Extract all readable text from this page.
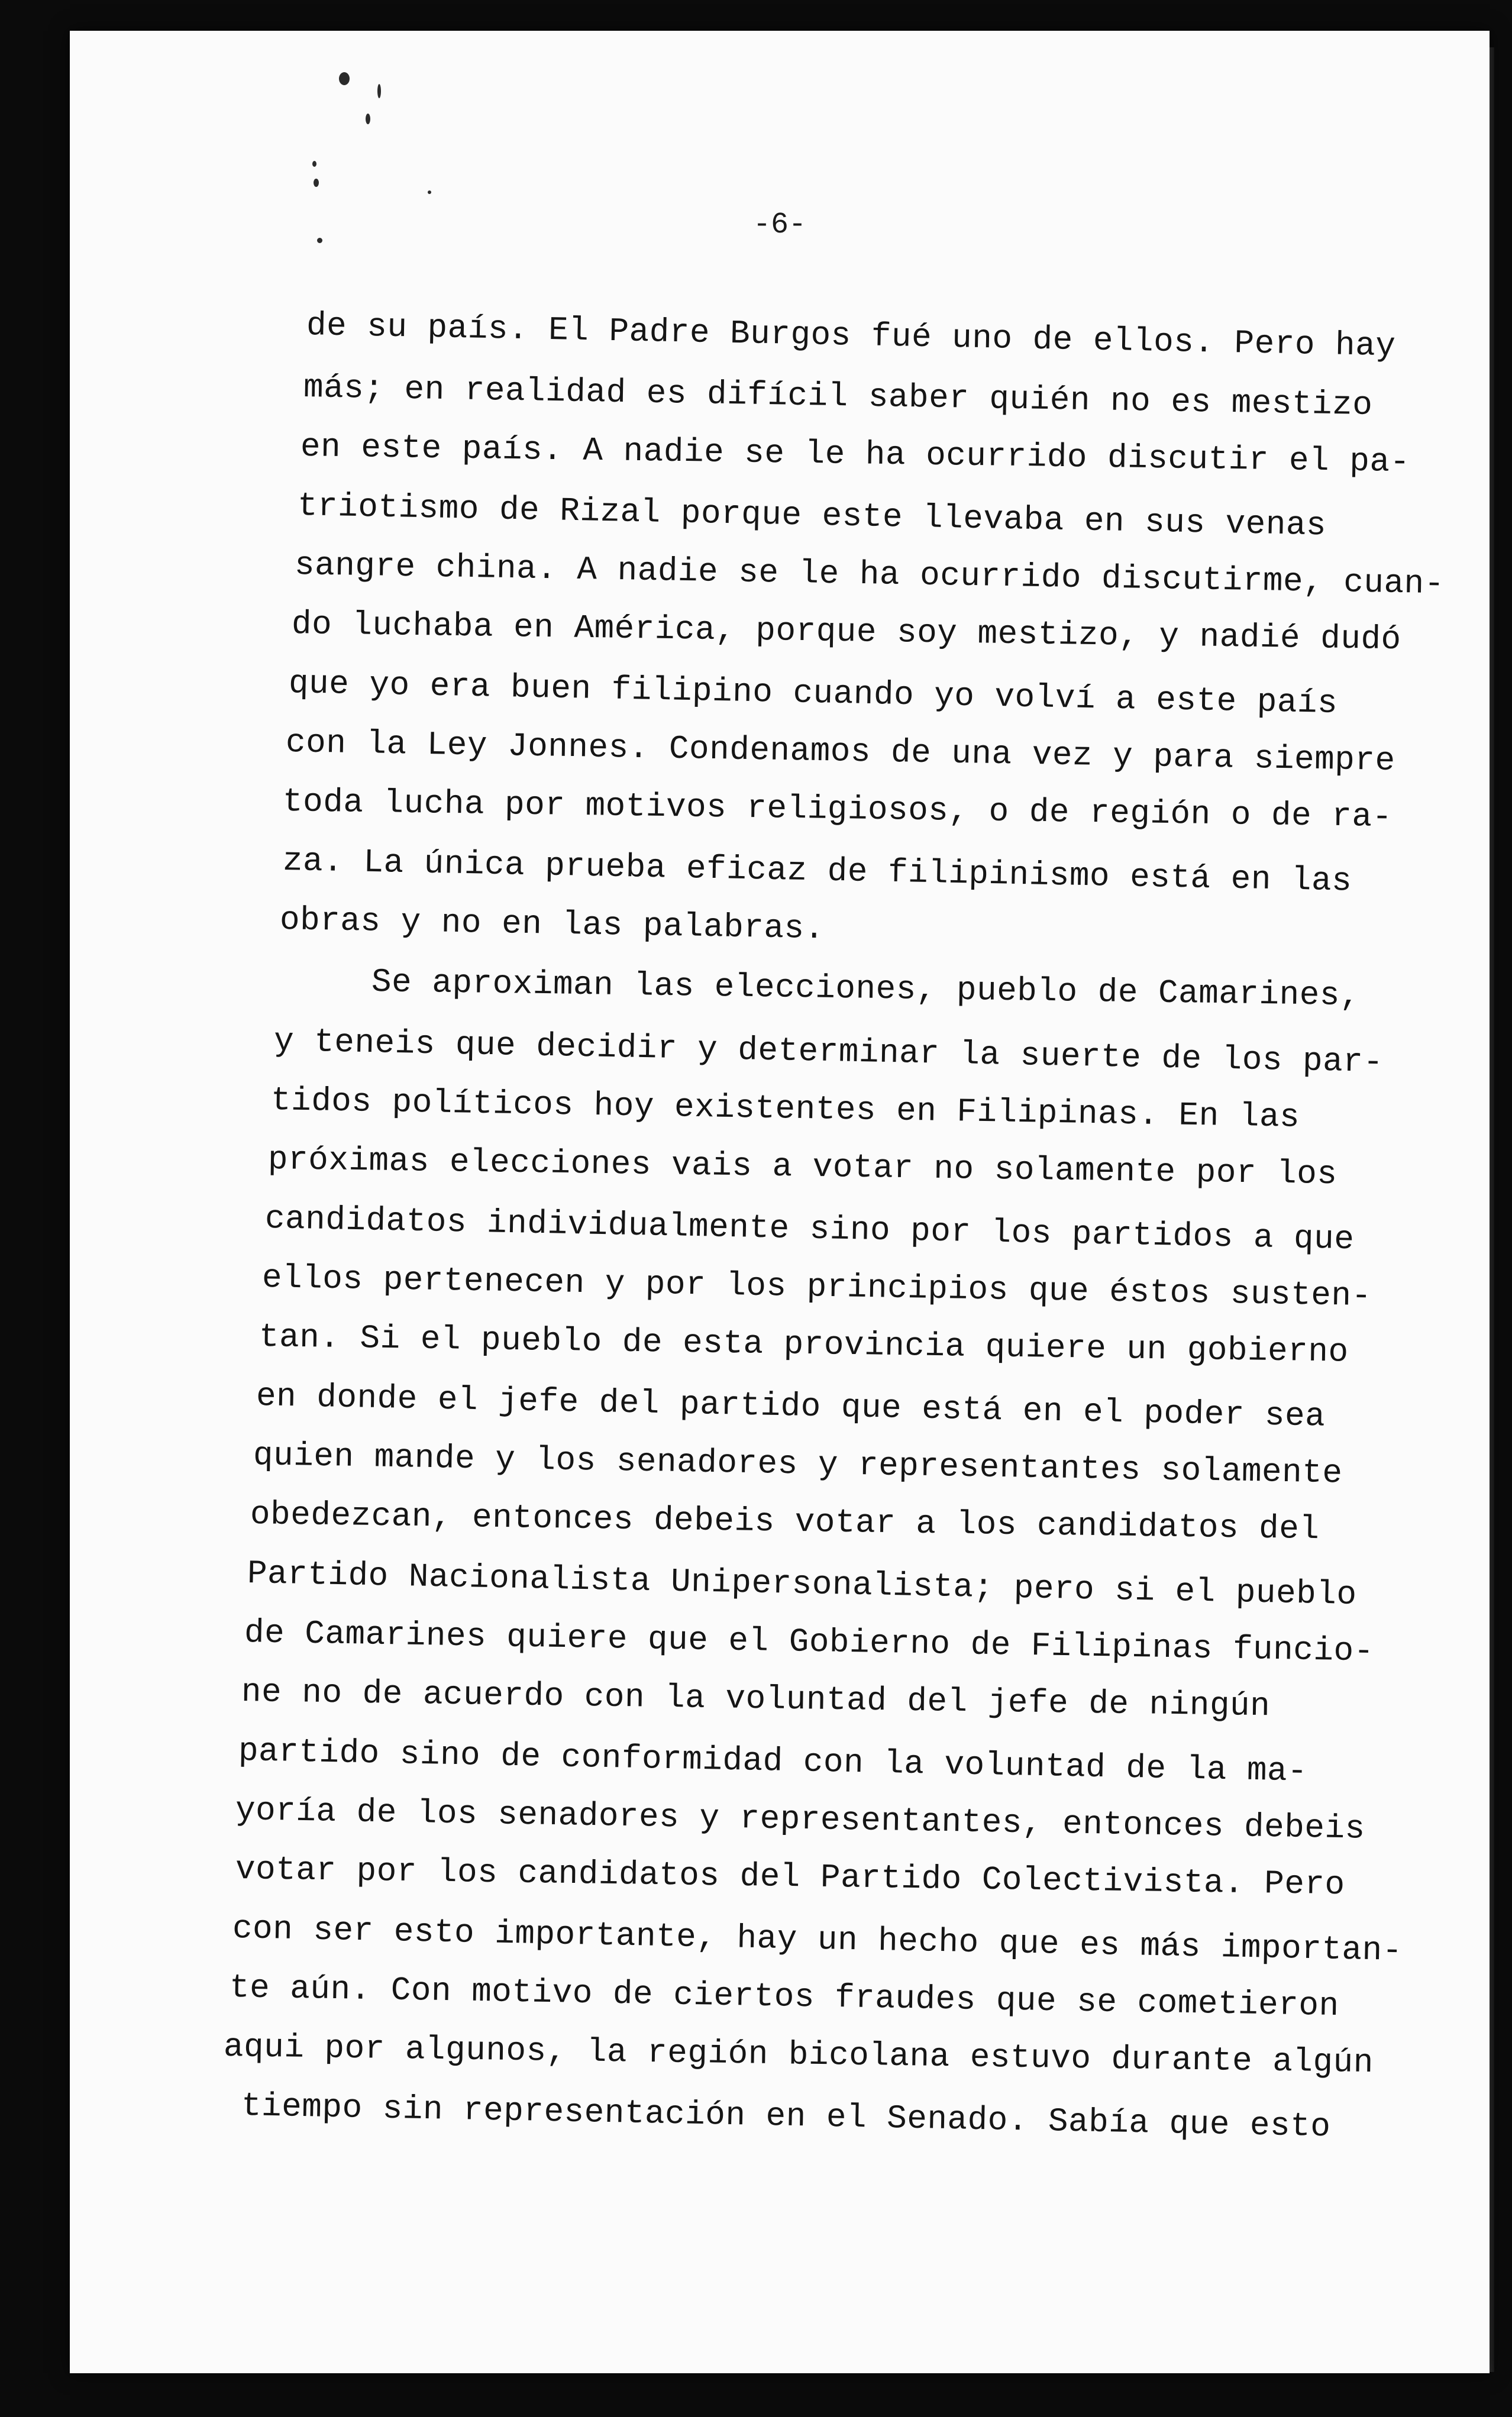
-6-
de su país. El Padre Burgos fué uno de ellos. Pero hay
más; en realidad es difícil saber quién no es mestizo
en este país. A nadie se le ha ocurrido discutir el pa-
triotismo de Rizal porque este llevaba en sus venas
sangre china. A nadie se le ha ocurrido discutirme, cuan-
do luchaba en América, porque soy mestizo, y nadié dudó
que yo era buen filipino cuando yo volví a este país
con la Ley Jonnes. Condenamos de una vez y para siempre
toda lucha por motivos religiosos, o de región o de ra-
za. La única prueba eficaz de filipinismo está en las
obras y no en las palabras.
Se aproximan las elecciones, pueblo de Camarines,
y teneis que decidir y determinar la suerte de los par-
tidos políticos hoy existentes en Filipinas. En las
próximas elecciones vais a votar no solamente por los
candidatos individualmente sino por los partidos a que
ellos pertenecen y por los principios que éstos susten-
tan. Si el pueblo de esta provincia quiere un gobierno
en donde el jefe del partido que está en el poder sea
quien mande y los senadores y representantes solamente
obedezcan, entonces debeis votar a los candidatos del
Partido Nacionalista Unipersonalista; pero si el pueblo
de Camarines quiere que el Gobierno de Filipinas funcio-
ne no de acuerdo con la voluntad del jefe de ningún
partido sino de conformidad con la voluntad de la ma-
yoría de los senadores y representantes, entonces debeis
votar por los candidatos del Partido Colectivista. Pero
con ser esto importante, hay un hecho que es más importan-
te aún. Con motivo de ciertos fraudes que se cometieron
aqui por algunos, la región bicolana estuvo durante algún
tiempo sin representación en el Senado. Sabía que esto
